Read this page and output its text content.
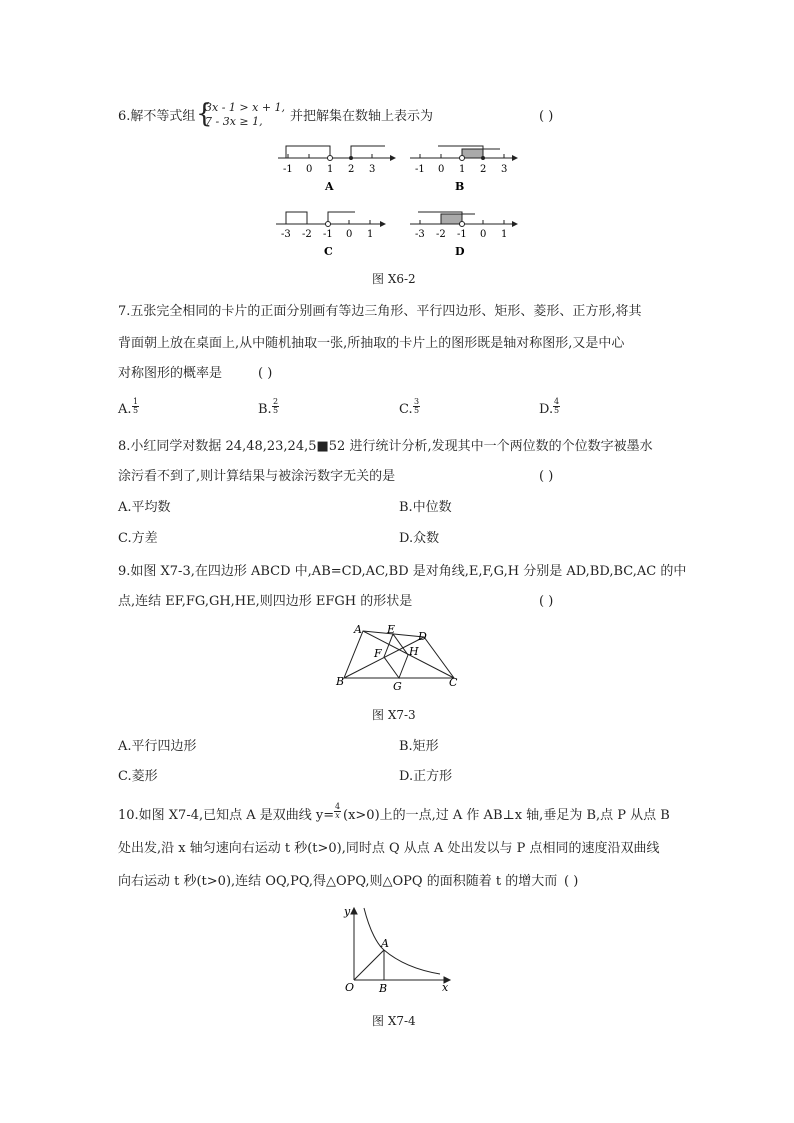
6.解不等式组 {
3x - 1 > x + 1,
7 - 3x ≥ 1, 并把解集在数轴上表示为	( )
-1 0 1 2 3
A
-1 0 1 2 3
B
-3 -2 -1 0 1
C
-3 -2 -1 0 1
D
图 X6-2
7.五张完全相同的卡片的正面分别画有等边三角形、平行四边形、矩形、菱形、正方形,将其
背面朝上放在桌面上,从中随机抽取一张,所抽取的卡片上的图形既是轴对称图形,又是中心
对称图形的概率是	( )
A. $\frac{1}{5}$	B. $\frac{2}{5}$	C. $\frac{3}{5}$	D. $\frac{4}{5}$
8.小红同学对数据 24,48,23,24,5■52 进行统计分析,发现其中一个两位数的个位数字被墨水
涂污看不到了,则计算结果与被涂污数字无关的是	( )
A.平均数	B.中位数
C.方差	D.众数
9.如图 X7-3,在四边形 ABCD 中,AB=CD,AC,BD 是对角线,E,F,G,H 分别是 AD,BD,BC,AC 的中
点,连结 EF,FG,GH,HE,则四边形 EFGH 的形状是	( )
A E
D
F H
B	G	C
图 X7-3
A.平行四边形	B.矩形
C.菱形	D.正方形
10.如图 X7-4,已知点 A 是双曲线 $y= \frac{4}{x} (x>0)$上的一点,过 A 作 AB⊥x 轴,垂足为 B,点 P 从点 B
处出发,沿 x 轴匀速向右运动 t 秒(t>0),同时点 Q 从点 A 处出发以与 P 点相同的速度沿双曲线
向右运动 t 秒(t>0),连结 OQ,PQ,得△OPQ,则△OPQ 的面积随着 t 的增大而 ( )
y
x
O
A
B
图 X7-4
